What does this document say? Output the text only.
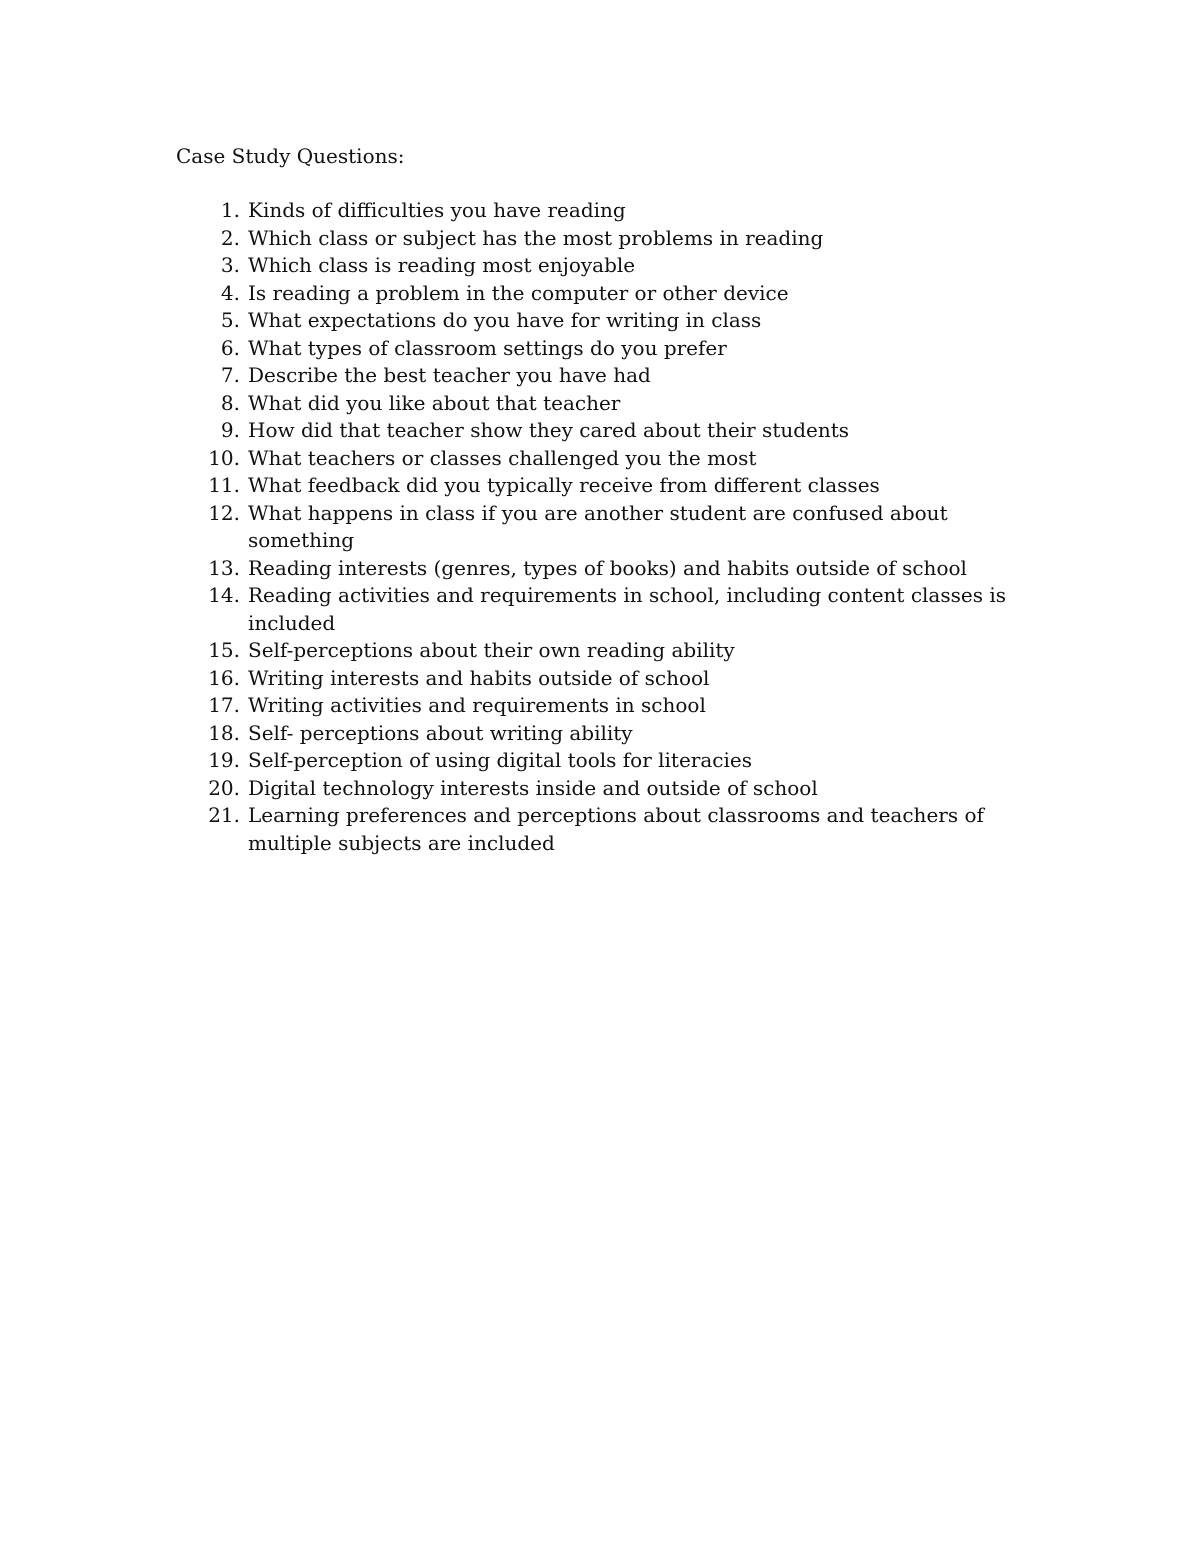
Case Study Questions:
1. Kinds of difficulties you have reading
2. Which class or subject has the most problems in reading
3. Which class is reading most enjoyable
4. Is reading a problem in the computer or other device
5. What expectations do you have for writing in class
6. What types of classroom settings do you prefer
7. Describe the best teacher you have had
8. What did you like about that teacher
9. How did that teacher show they cared about their students
10. What teachers or classes challenged you the most
11. What feedback did you typically receive from different classes
12. What happens in class if you are another student are confused about something
13. Reading interests (genres, types of books) and habits outside of school
14. Reading activities and requirements in school, including content classes is included
15. Self-perceptions about their own reading ability
16. Writing interests and habits outside of school
17. Writing activities and requirements in school
18. Self- perceptions about writing ability
19. Self-perception of using digital tools for literacies
20. Digital technology interests inside and outside of school
21. Learning preferences and perceptions about classrooms and teachers of multiple subjects are included
